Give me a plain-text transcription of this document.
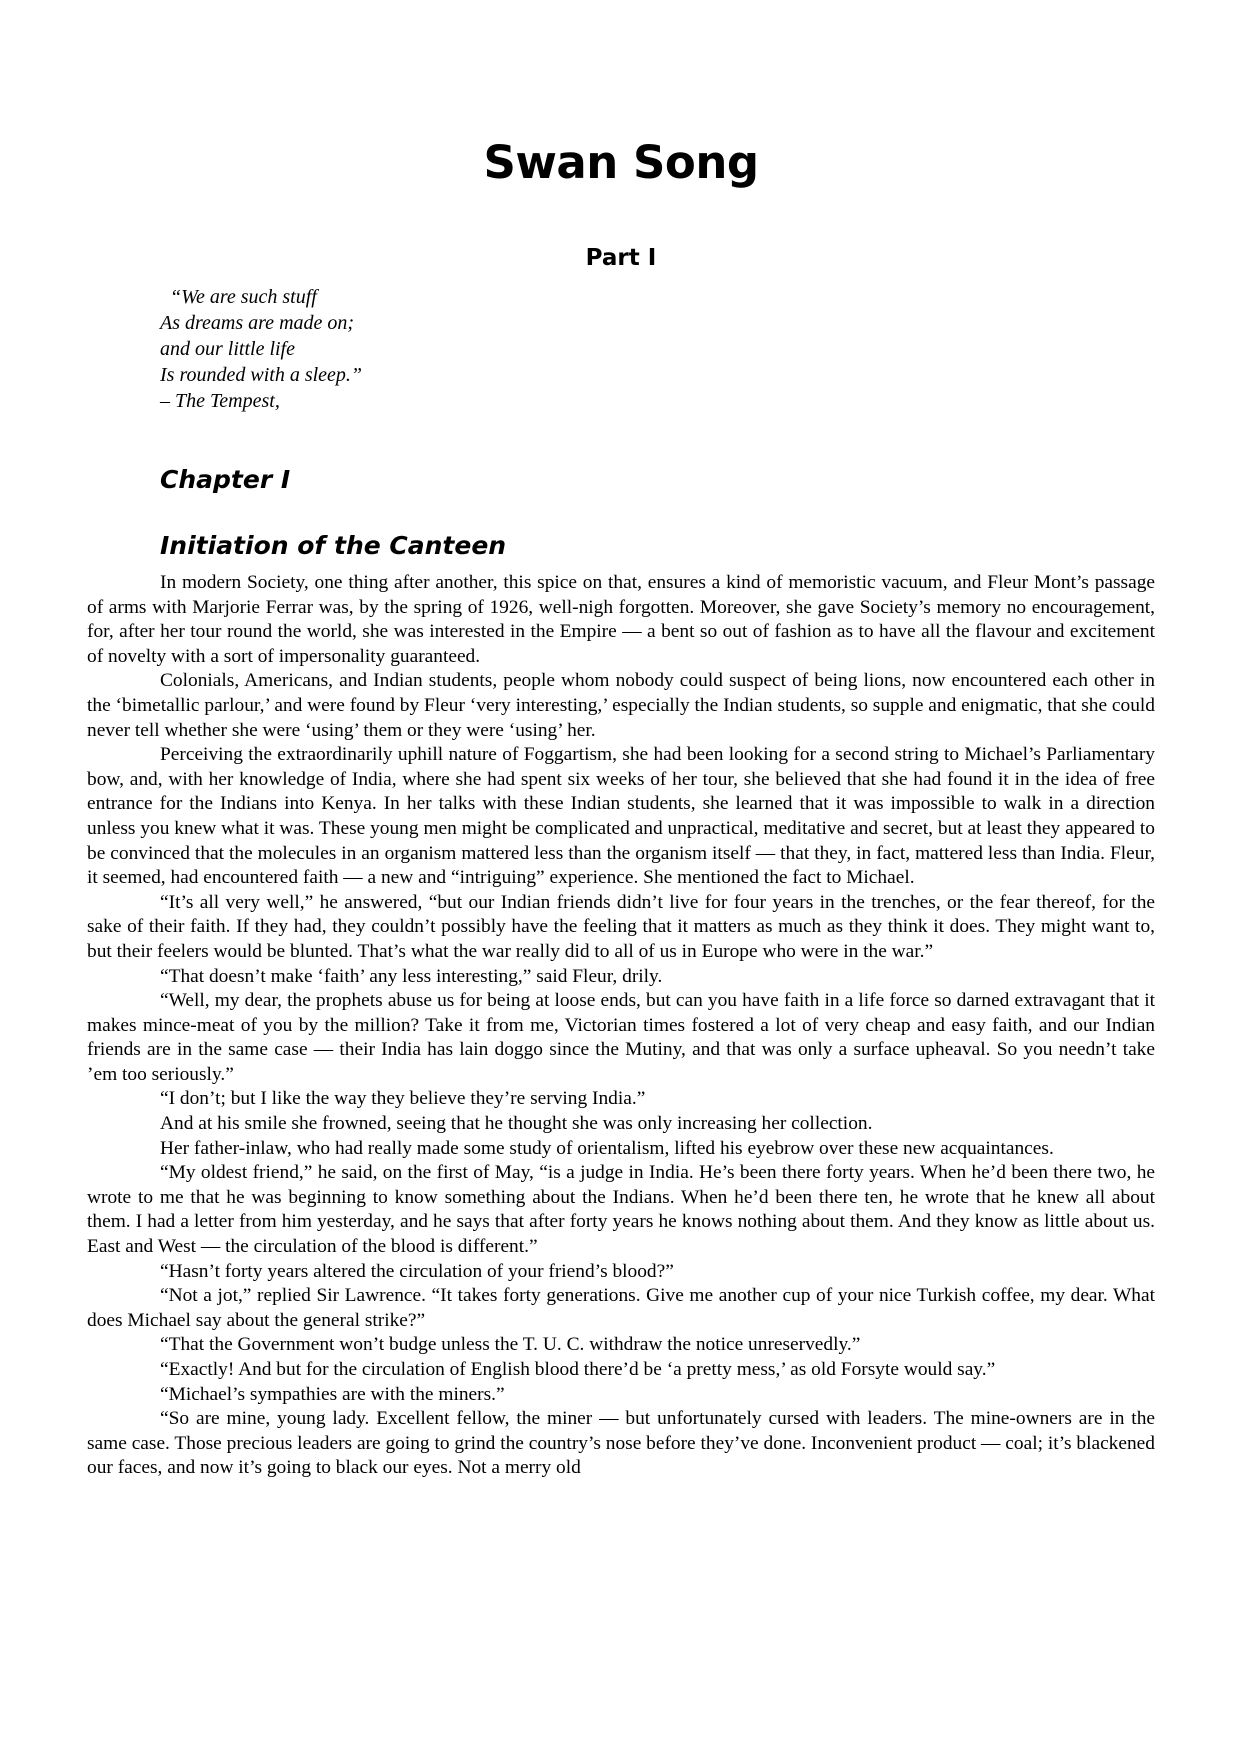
Swan Song
Part I
“We are such stuff
As dreams are made on;
and our little life
Is rounded with a sleep.”
– The Tempest,
Chapter I
Initiation of the Canteen

In modern Society, one thing after another, this spice on that, ensures a kind of memoristic vacuum, and Fleur Mont’s passage of arms with Marjorie Ferrar was, by the spring of 1926, well-nigh forgotten. Moreover, she gave Society’s memory no encouragement, for, after her tour round the world, she was interested in the Empire — a bent so out of fashion as to have all the flavour and excitement of novelty with a sort of impersonality guaranteed.

Colonials, Americans, and Indian students, people whom nobody could suspect of being lions, now encountered each other in the ‘bimetallic parlour,’ and were found by Fleur ‘very interesting,’ especially the Indian students, so supple and enigmatic, that she could never tell whether she were ‘using’ them or they were ‘using’ her.

Perceiving the extraordinarily uphill nature of Foggartism, she had been looking for a second string to Michael’s Parliamentary bow, and, with her knowledge of India, where she had spent six weeks of her tour, she believed that she had found it in the idea of free entrance for the Indians into Kenya. In her talks with these Indian students, she learned that it was impossible to walk in a direction unless you knew what it was. These young men might be complicated and unpractical, meditative and secret, but at least they appeared to be convinced that the molecules in an organism mattered less than the organism itself — that they, in fact, mattered less than India. Fleur, it seemed, had encountered faith — a new and “intriguing” experience. She mentioned the fact to Michael.

“It’s all very well,” he answered, “but our Indian friends didn’t live for four years in the trenches, or the fear thereof, for the sake of their faith. If they had, they couldn’t possibly have the feeling that it matters as much as they think it does. They might want to, but their feelers would be blunted. That’s what the war really did to all of us in Europe who were in the war.”

“That doesn’t make ‘faith’ any less interesting,” said Fleur, drily.

“Well, my dear, the prophets abuse us for being at loose ends, but can you have faith in a life force so darned extravagant that it makes mince-meat of you by the million? Take it from me, Victorian times fostered a lot of very cheap and easy faith, and our Indian friends are in the same case — their India has lain doggo since the Mutiny, and that was only a surface upheaval. So you needn’t take ’em too seriously.”

“I don’t; but I like the way they believe they’re serving India.”

And at his smile she frowned, seeing that he thought she was only increasing her collection.

Her father-inlaw, who had really made some study of orientalism, lifted his eyebrow over these new acquaintances.

“My oldest friend,” he said, on the first of May, “is a judge in India. He’s been there forty years. When he’d been there two, he wrote to me that he was beginning to know something about the Indians. When he’d been there ten, he wrote that he knew all about them. I had a letter from him yesterday, and he says that after forty years he knows nothing about them. And they know as little about us. East and West — the circulation of the blood is different.”

“Hasn’t forty years altered the circulation of your friend’s blood?”

“Not a jot,” replied Sir Lawrence. “It takes forty generations. Give me another cup of your nice Turkish coffee, my dear. What does Michael say about the general strike?”

“That the Government won’t budge unless the T. U. C. withdraw the notice unreservedly.”

“Exactly! And but for the circulation of English blood there’d be ‘a pretty mess,’ as old Forsyte would say.”

“Michael’s sympathies are with the miners.”

“So are mine, young lady. Excellent fellow, the miner — but unfortunately cursed with leaders. The mine-owners are in the same case. Those precious leaders are going to grind the country’s nose before they’ve done. Inconvenient product — coal; it’s blackened our faces, and now it’s going to black our eyes. Not a merry old
